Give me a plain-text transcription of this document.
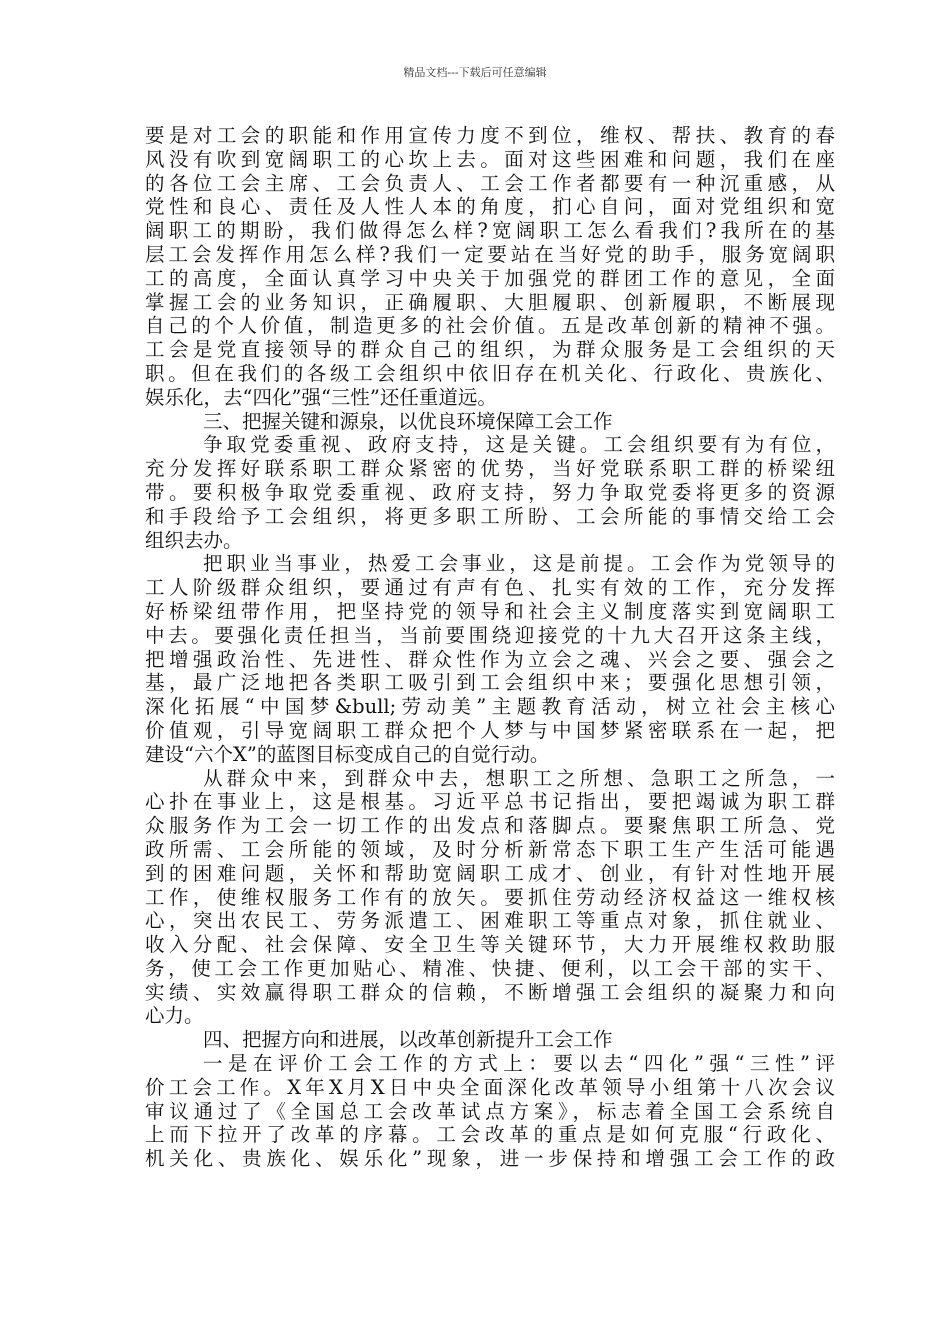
精品文档---下载后可任意编辑
要是对工会的职能和作用宣传力度不到位，维权、帮扶、教育的春
风没有吹到宽阔职工的心坎上去。面对这些困难和问题，我们在座
的各位工会主席、工会负责人、工会工作者都要有一种沉重感，从
党性和良心、责任及人性人本的角度，扪心自问，面对党组织和宽
阔职工的期盼，我们做得怎么样?宽阔职工怎么看我们?我所在的基
层工会发挥作用怎么样?我们一定要站在当好党的助手，服务宽阔职
工的高度，全面认真学习中央关于加强党的群团工作的意见，全面
掌握工会的业务知识，正确履职、大胆履职、创新履职，不断展现
自己的个人价值，制造更多的社会价值。五是改革创新的精神不强。
工会是党直接领导的群众自己的组织，为群众服务是工会组织的天
职。但在我们的各级工会组织中依旧存在机关化、行政化、贵族化、
娱乐化，去“四化”强“三性”还任重道远。
三、把握关键和源泉，以优良环境保障工会工作
争取党委重视、政府支持，这是关键。工会组织要有为有位，
充分发挥好联系职工群众紧密的优势，当好党联系职工群的桥梁纽
带。要积极争取党委重视、政府支持，努力争取党委将更多的资源
和手段给予工会组织，将更多职工所盼、工会所能的事情交给工会
组织去办。
把职业当事业，热爱工会事业，这是前提。工会作为党领导的
工人阶级群众组织，要通过有声有色、扎实有效的工作，充分发挥
好桥梁纽带作用，把坚持党的领导和社会主义制度落实到宽阔职工
中去。要强化责任担当，当前要围绕迎接党的十九大召开这条主线，
把增强政治性、先进性、群众性作为立会之魂、兴会之要、强会之
基，最广泛地把各类职工吸引到工会组织中来；要强化思想引领，
深化拓展“中国梦&bull;劳动美”主题教育活动，树立社会主核心
价值观，引导宽阔职工群众把个人梦与中国梦紧密联系在一起，把
建设“六个X”的蓝图目标变成自己的自觉行动。
从群众中来，到群众中去，想职工之所想、急职工之所急，一
心扑在事业上，这是根基。习近平总书记指出，要把竭诚为职工群
众服务作为工会一切工作的出发点和落脚点。要聚焦职工所急、党
政所需、工会所能的领域，及时分析新常态下职工生产生活可能遇
到的困难问题，关怀和帮助宽阔职工成才、创业，有针对性地开展
工作，使维权服务工作有的放矢。要抓住劳动经济权益这一维权核
心，突出农民工、劳务派遣工、困难职工等重点对象，抓住就业、
收入分配、社会保障、安全卫生等关键环节，大力开展维权救助服
务，使工会工作更加贴心、精准、快捷、便利，以工会干部的实干、
实绩、实效赢得职工群众的信赖，不断增强工会组织的凝聚力和向
心力。
四、把握方向和进展，以改革创新提升工会工作
一是在评价工会工作的方式上：要以去“四化”强“三性”评
价工会工作。X年X月X日中央全面深化改革领导小组第十八次会议
审议通过了《全国总工会改革试点方案》，标志着全国工会系统自
上而下拉开了改革的序幕。工会改革的重点是如何克服“行政化、
机关化、贵族化、娱乐化”现象，进一步保持和增强工会工作的政
